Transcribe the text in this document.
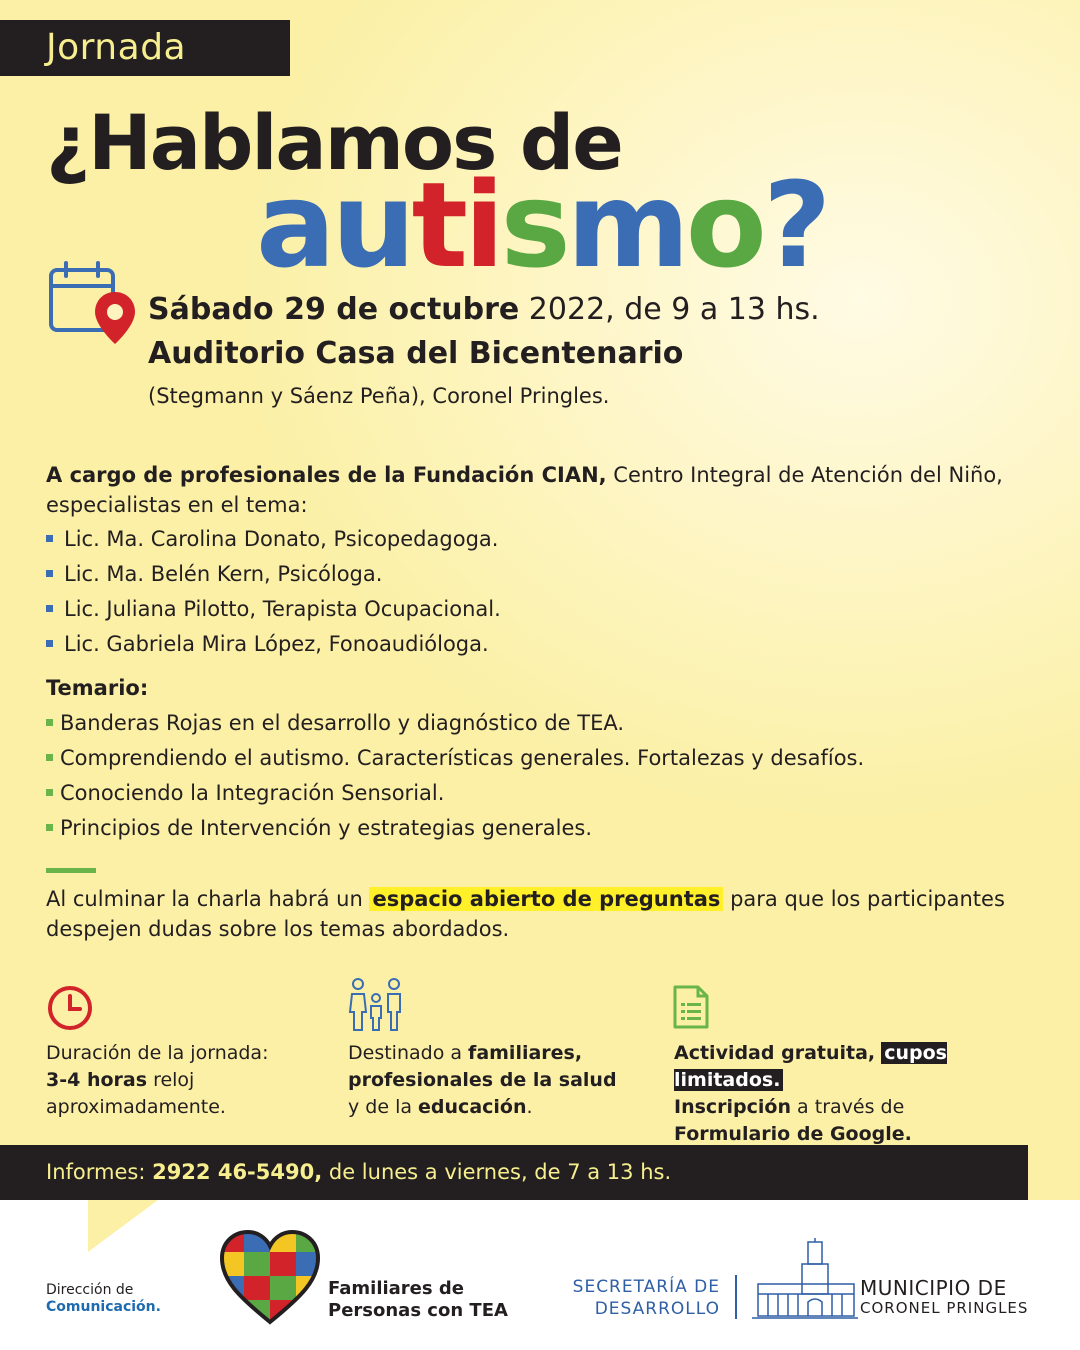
Jornada
¿Hablamos de
autismo?
Sábado 29 de octubre 2022, de 9 a 13 hs.
Auditorio Casa del Bicentenario
(Stegmann y Sáenz Peña), Coronel Pringles.
A cargo de profesionales de la Fundación CIAN, Centro Integral de Atención del Niño, especialistas en el tema:
Lic. Ma. Carolina Donato, Psicopedagoga.
Lic. Ma. Belén Kern, Psicóloga.
Lic. Juliana Pilotto, Terapista Ocupacional.
Lic. Gabriela Mira López, Fonoaudióloga.
Temario:
Banderas Rojas en el desarrollo y diagnóstico de TEA.
Comprendiendo el autismo. Características generales. Fortalezas y desafíos.
Conociendo la Integración Sensorial.
Principios de Intervención y estrategias generales.
Al culminar la charla habrá un espacio abierto de preguntas para que los participantes despejen dudas sobre los temas abordados.
Duración de la jornada:
3-4 horas reloj
aproximadamente.
Destinado a familiares,
profesionales de la salud
y de la educación.
Actividad gratuita, cupos limitados.
Inscripción a través de
Formulario de Google.
Informes: 2922 46-5490, de lunes a viernes, de 7 a 13 hs.
Dirección de
Comunicación.
Familiares de
Personas con TEA
SECRETARÍA DE
DESARROLLO
MUNICIPIO DE
CORONEL PRINGLES
